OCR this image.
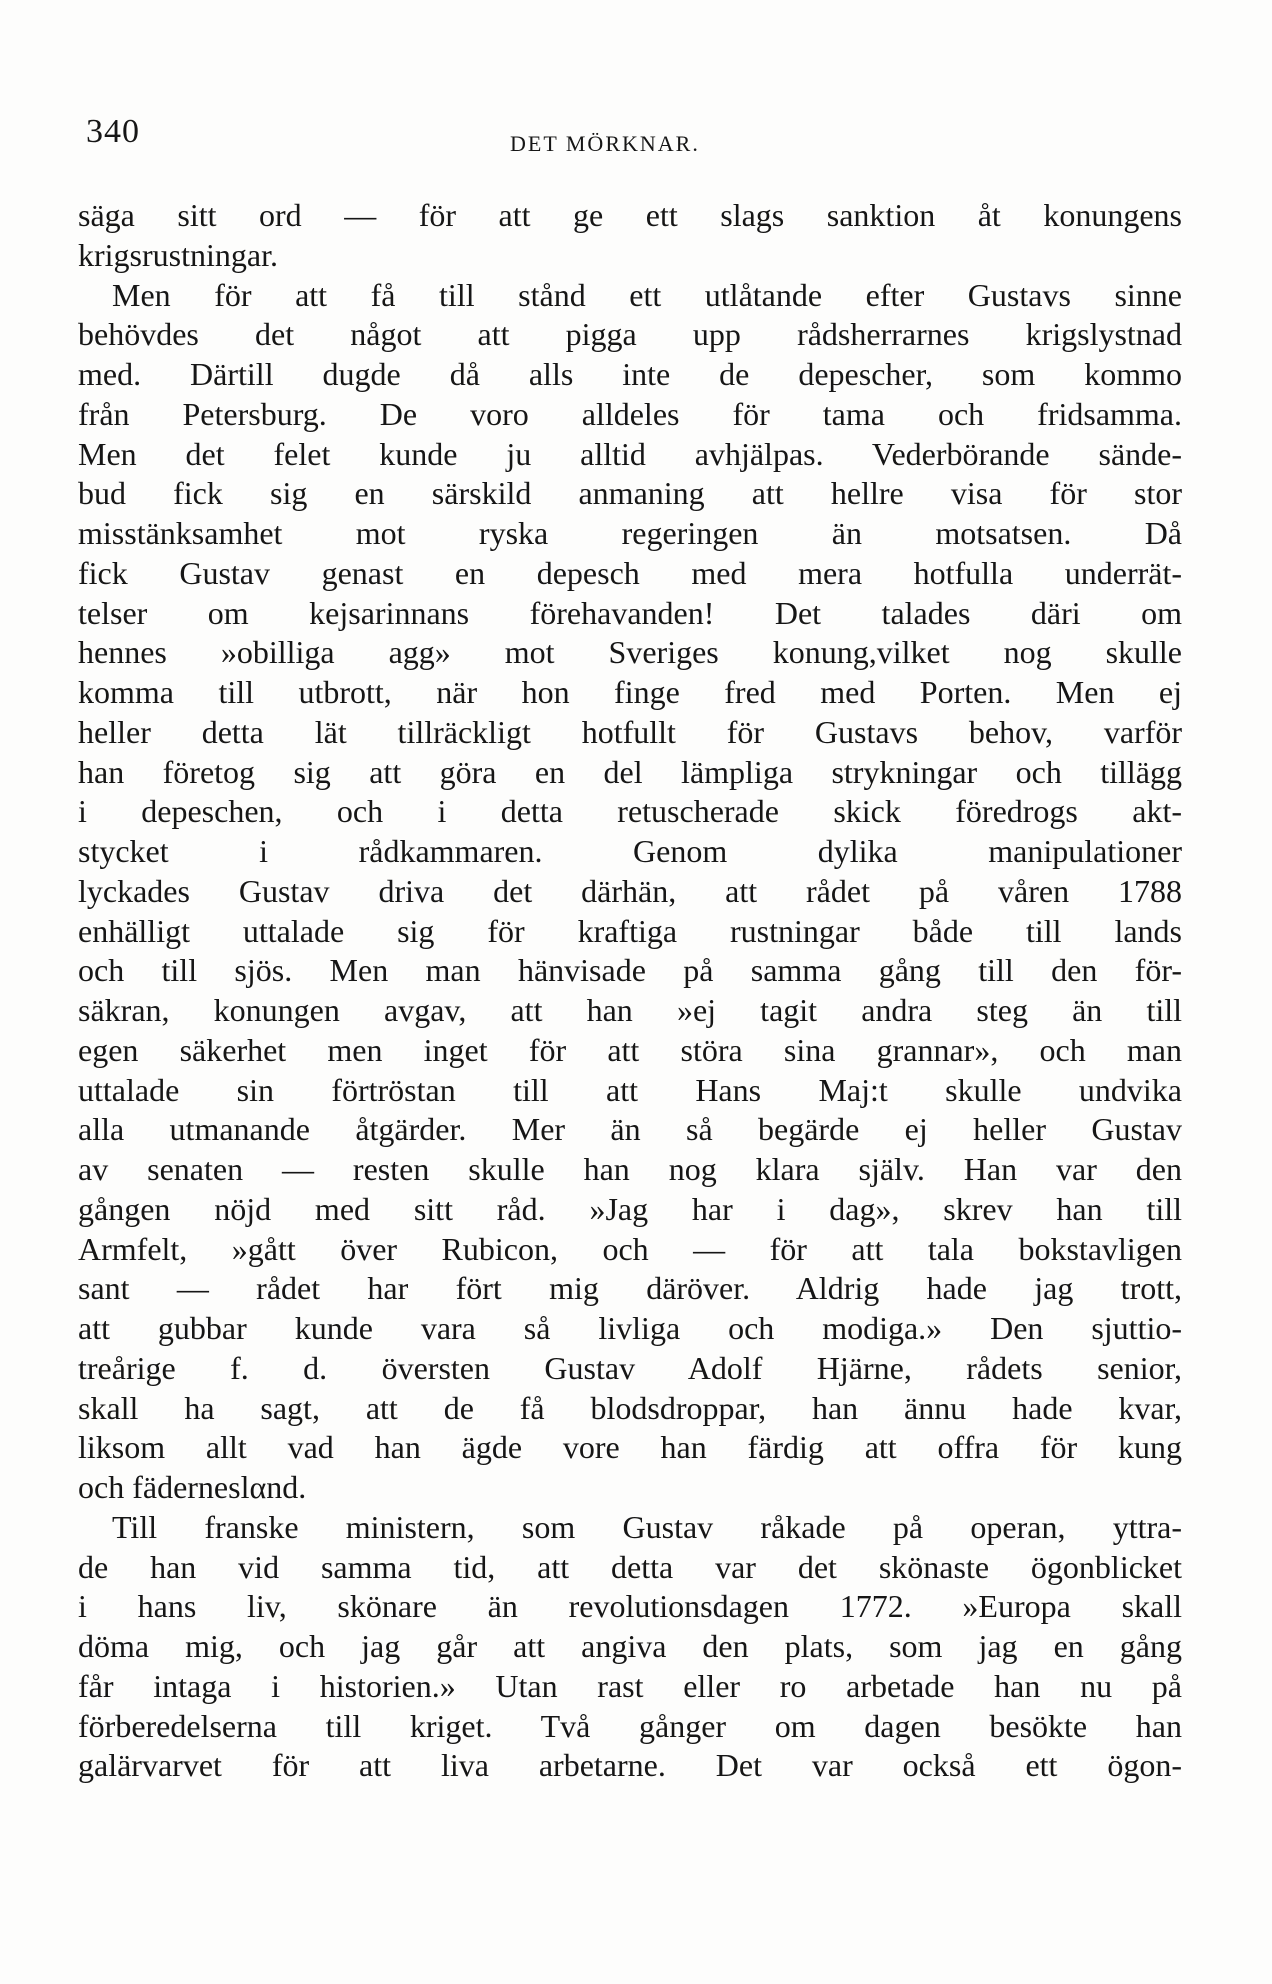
340	DET MÖRKNAR.
säga sitt ord — för att ge ett slags sanktion åt konungens
krigsrustningar.
Men för att få till stånd ett utlåtande efter Gustavs sinne
behövdes det något att pigga upp rådsherrarnes krigslystnad
med. Därtill dugde då alls inte de depescher, som kommo
från Petersburg. De voro alldeles för tama och fridsamma.
Men det felet kunde ju alltid avhjälpas. Vederbörande sände-
bud fick sig en särskild anmaning att hellre visa för stor
misstänksamhet mot ryska regeringen än motsatsen. Då
fick Gustav genast en depesch med mera hotfulla underrät-
telser om kejsarinnans förehavanden! Det talades däri om
hennes »obilliga agg» mot Sveriges konung,vilket nog skulle
komma till utbrott, när hon finge fred med Porten. Men ej
heller detta lät tillräckligt hotfullt för Gustavs behov, varför
han företog sig att göra en del lämpliga strykningar och tillägg
i depeschen, och i detta retuscherade skick föredrogs akt-
stycket i rådkammaren. Genom dylika manipulationer
lyckades Gustav driva det därhän, att rådet på våren 1788
enhälligt uttalade sig för kraftiga rustningar både till lands
och till sjös. Men man hänvisade på samma gång till den för-
säkran, konungen avgav, att han »ej tagit andra steg än till
egen säkerhet men inget för att störa sina grannar», och man
uttalade sin förtröstan till att Hans Maj:t skulle undvika
alla utmanande åtgärder. Mer än så begärde ej heller Gustav
av senaten — resten skulle han nog klara själv. Han var den
gången nöjd med sitt råd. »Jag har i dag», skrev han till
Armfelt, »gått över Rubicon, och — för att tala bokstavligen
sant — rådet har fört mig däröver. Aldrig hade jag trott,
att gubbar kunde vara så livliga och modiga.» Den sjuttio-
treårige f. d. översten Gustav Adolf Hjärne, rådets senior,
skall ha sagt, att de få blodsdroppar, han ännu hade kvar,
liksom allt vad han ägde vore han färdig att offra för kung
och fäderneslαnd.
Till franske ministern, som Gustav råkade på operan, yttra-
de han vid samma tid, att detta var det skönaste ögonblicket
i hans liv, skönare än revolutionsdagen 1772. »Europa skall
döma mig, och jag går att angiva den plats, som jag en gång
får intaga i historien.» Utan rast eller ro arbetade han nu på
förberedelserna till kriget. Två gånger om dagen besökte han
galärvarvet för att liva arbetarne. Det var också ett ögon-
